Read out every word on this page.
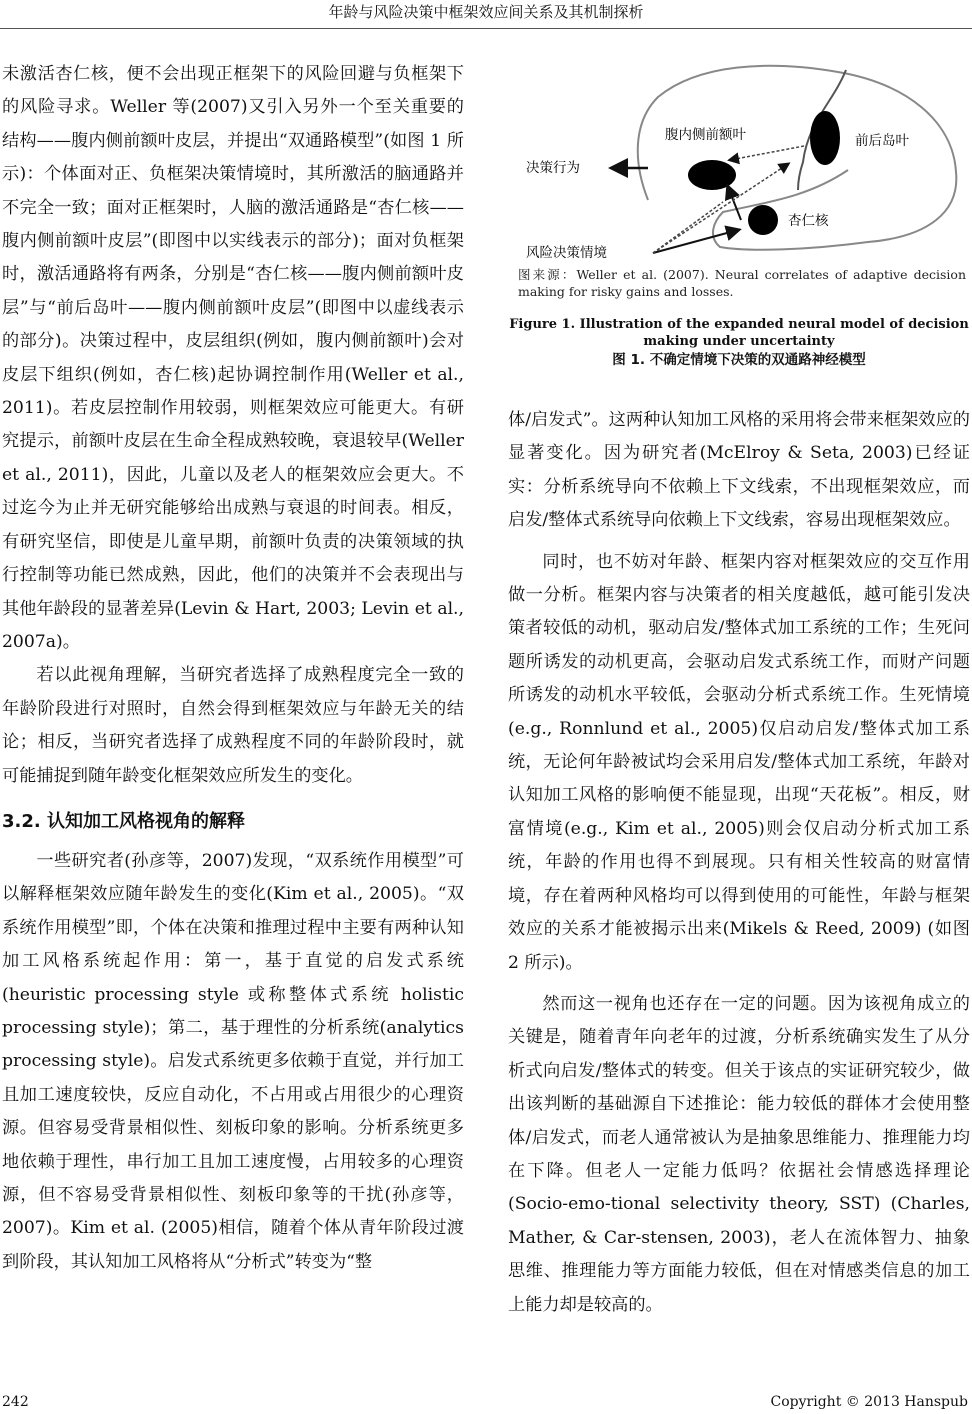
年龄与风险决策中框架效应间关系及其机制探析

未激活杏仁核，便不会出现正框架下的风险回避与负框架下的风险寻求。Weller 等(2007)又引入另外一个至关重要的结构——腹内侧前额叶皮层，并提出“双通路模型”(如图 1 所示)：个体面对正、负框架决策情境时，其所激活的脑通路并不完全一致；面对正框架时，人脑的激活通路是“杏仁核——腹内侧前额叶皮层”(即图中以实线表示的部分)；面对负框架时，激活通路将有两条，分别是“杏仁核——腹内侧前额叶皮层”与“前后岛叶——腹内侧前额叶皮层”(即图中以虚线表示的部分)。决策过程中，皮层组织(例如，腹内侧前额叶)会对皮层下组织(例如，杏仁核)起协调控制作用(Weller et al., 2011)。若皮层控制作用较弱，则框架效应可能更大。有研究提示，前额叶皮层在生命全程成熟较晚，衰退较早(Weller et al., 2011)，因此，儿童以及老人的框架效应会更大。不过迄今为止并无研究能够给出成熟与衰退的时间表。相反，有研究坚信，即使是儿童早期，前额叶负责的决策领域的执行控制等功能已然成熟，因此，他们的决策并不会表现出与其他年龄段的显著差异(Levin & Hart, 2003; Levin et al., 2007a)。

若以此视角理解，当研究者选择了成熟程度完全一致的年龄阶段进行对照时，自然会得到框架效应与年龄无关的结论；相反，当研究者选择了成熟程度不同的年龄阶段时，就可能捕捉到随年龄变化框架效应所发生的变化。

3.2. 认知加工风格视角的解释

一些研究者(孙彦等，2007)发现，“双系统作用模型”可以解释框架效应随年龄发生的变化(Kim et al., 2005)。“双系统作用模型”即，个体在决策和推理过程中主要有两种认知加工风格系统起作用：第一，基于直觉的启发式系统(heuristic processing style 或称整体式系统 holistic processing style)；第二，基于理性的分析系统(analytics processing style)。启发式系统更多依赖于直觉，并行加工且加工速度较快，反应自动化，不占用或占用很少的心理资源。但容易受背景相似性、刻板印象的影响。分析系统更多地依赖于理性，串行加工且加工速度慢，占用较多的心理资源，但不容易受背景相似性、刻板印象等的干扰(孙彦等，2007)。Kim et al. (2005)相信，随着个体从青年阶段过渡到阶段，其认知加工风格将从“分析式”转变为“整

腹内侧前额叶	前后岛叶
决策行为
杏仁核
风险决策情境
图来源：Weller et al. (2007). Neural correlates of adaptive decision making for risky gains and losses.
Figure 1. Illustration of the expanded neural model of decision making under uncertainty
图 1. 不确定情境下决策的双通路神经模型

体/启发式”。这两种认知加工风格的采用将会带来框架效应的显著变化。因为研究者(McElroy & Seta, 2003)已经证实：分析系统导向不依赖上下文线索，不出现框架效应，而启发/整体式系统导向依赖上下文线索，容易出现框架效应。

同时，也不妨对年龄、框架内容对框架效应的交互作用做一分析。框架内容与决策者的相关度越低，越可能引发决策者较低的动机，驱动启发/整体式加工系统的工作；生死问题所诱发的动机更高，会驱动启发式系统工作，而财产问题所诱发的动机水平较低，会驱动分析式系统工作。生死情境(e.g., Ronnlund et al., 2005)仅启动启发/整体式加工系统，无论何年龄被试均会采用启发/整体式加工系统，年龄对认知加工风格的影响便不能显现，出现“天花板”。相反，财富情境(e.g., Kim et al., 2005)则会仅启动分析式加工系统，年龄的作用也得不到展现。只有相关性较高的财富情境，存在着两种风格均可以得到使用的可能性，年龄与框架效应的关系才能被揭示出来(Mikels & Reed, 2009) (如图 2 所示)。

然而这一视角也还存在一定的问题。因为该视角成立的关键是，随着青年向老年的过渡，分析系统确实发生了从分析式向启发/整体式的转变。但关于该点的实证研究较少，做出该判断的基础源自下述推论：能力较低的群体才会使用整体/启发式，而老人通常被认为是抽象思维能力、推理能力均在下降。但老人一定能力低吗？依据社会情感选择理论(Socio-emo-tional selectivity theory, SST) (Charles, Mather, & Car-stensen, 2003)，老人在流体智力、抽象思维、推理能力等方面能力较低，但在对情感类信息的加工上能力却是较高的。

242	Copyright © 2013 Hanspub
